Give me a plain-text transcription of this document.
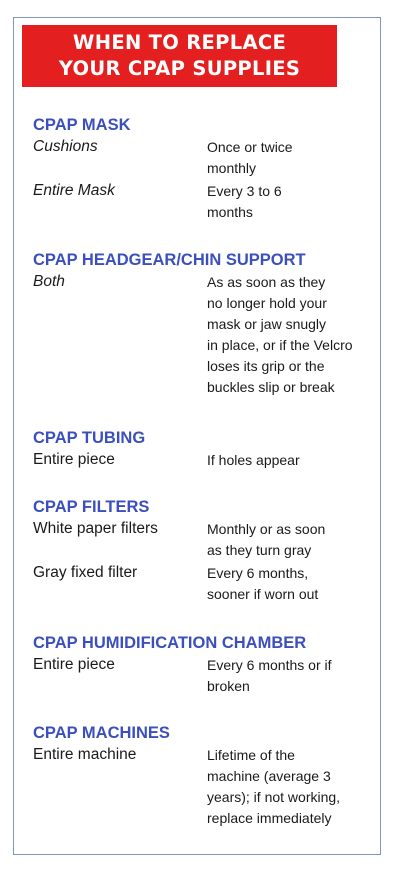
WHEN TO REPLACE
YOUR CPAP SUPPLIES
CPAP MASK
Cushions	Once or twice
monthly
Entire Mask	Every 3 to 6
months
CPAP HEADGEAR/CHIN SUPPORT
Both	As as soon as they
no longer hold your
mask or jaw snugly
in place, or if the Velcro
loses its grip or the
buckles slip or break
CPAP TUBING
Entire piece	If holes appear
CPAP FILTERS
White paper filters	Monthly or as soon
as they turn gray
Gray fixed filter	Every 6 months,
sooner if worn out
CPAP HUMIDIFICATION CHAMBER
Entire piece	Every 6 months or if
broken
CPAP MACHINES
Entire machine	Lifetime of the
machine (average 3
years); if not working,
replace immediately
